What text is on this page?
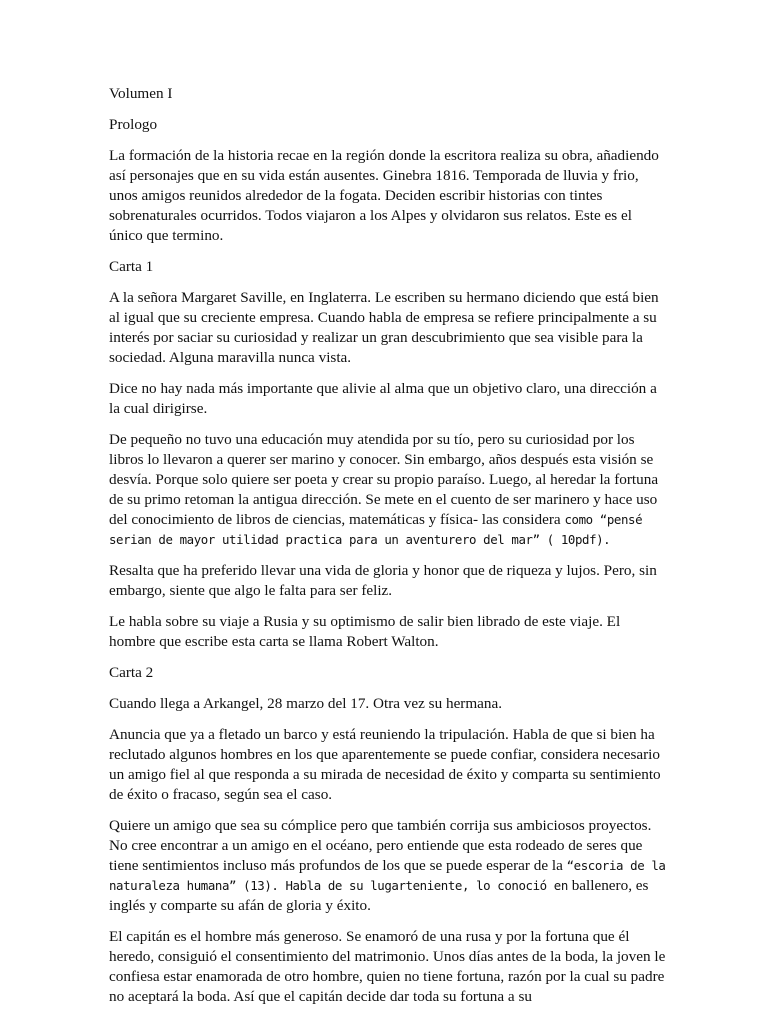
Volumen I

Prologo

La formación de la historia recae en la región donde la escritora realiza su obra, añadiendo así personajes que en su vida están ausentes. Ginebra 1816. Temporada de lluvia y frio, unos amigos reunidos alrededor de la fogata. Deciden escribir historias con tintes sobrenaturales ocurridos. Todos viajaron a los Alpes y olvidaron sus relatos. Este es el único que termino.

Carta 1

A la señora Margaret Saville, en Inglaterra. Le escriben su hermano diciendo que está bien al igual que su creciente empresa. Cuando habla de empresa se refiere principalmente a su interés por saciar su curiosidad y realizar un gran descubrimiento que sea visible para la sociedad. Alguna maravilla nunca vista.

Dice no hay nada más importante que alivie al alma que un objetivo claro, una dirección a la cual dirigirse.

De pequeño no tuvo una educación muy atendida por su tío, pero su curiosidad por los libros lo llevaron a querer ser marino y conocer. Sin embargo, años después esta visión se desvía. Porque solo quiere ser poeta y crear su propio paraíso. Luego, al heredar la fortuna de su primo retoman la antigua dirección. Se mete en el cuento de ser marinero y hace uso del conocimiento de libros de ciencias, matemáticas y física- las considera como “pensé serian de mayor utilidad practica para un aventurero del mar” ( 10pdf).

Resalta que ha preferido llevar una vida de gloria y honor que de riqueza y lujos. Pero, sin embargo, siente que algo le falta para ser feliz.

Le habla sobre su viaje a Rusia y su optimismo de salir bien librado de este viaje. El hombre que escribe esta carta se llama Robert Walton.

Carta 2

Cuando llega a Arkangel, 28 marzo del 17. Otra vez su hermana.

Anuncia que ya a fletado un barco y está reuniendo la tripulación. Habla de que si bien ha reclutado algunos hombres en los que aparentemente se puede confiar, considera necesario un amigo fiel al que responda a su mirada de necesidad de éxito y comparta su sentimiento de éxito o fracaso, según sea el caso.

Quiere un amigo que sea su cómplice pero que también corrija sus ambiciosos proyectos. No cree encontrar a un amigo en el océano, pero entiende que esta rodeado de seres que tiene sentimientos incluso más profundos de los que se puede esperar de la “escoria de la naturaleza humana” (13). Habla de su lugarteniente, lo conoció en ballenero, es inglés y comparte su afán de gloria y éxito.

El capitán es el hombre más generoso. Se enamoró de una rusa y por la fortuna que él heredo, consiguió el consentimiento del matrimonio. Unos días antes de la boda, la joven le confiesa estar enamorada de otro hombre, quien no tiene fortuna, razón por la cual su padre no aceptará la boda. Así que el capitán decide dar toda su fortuna a su
